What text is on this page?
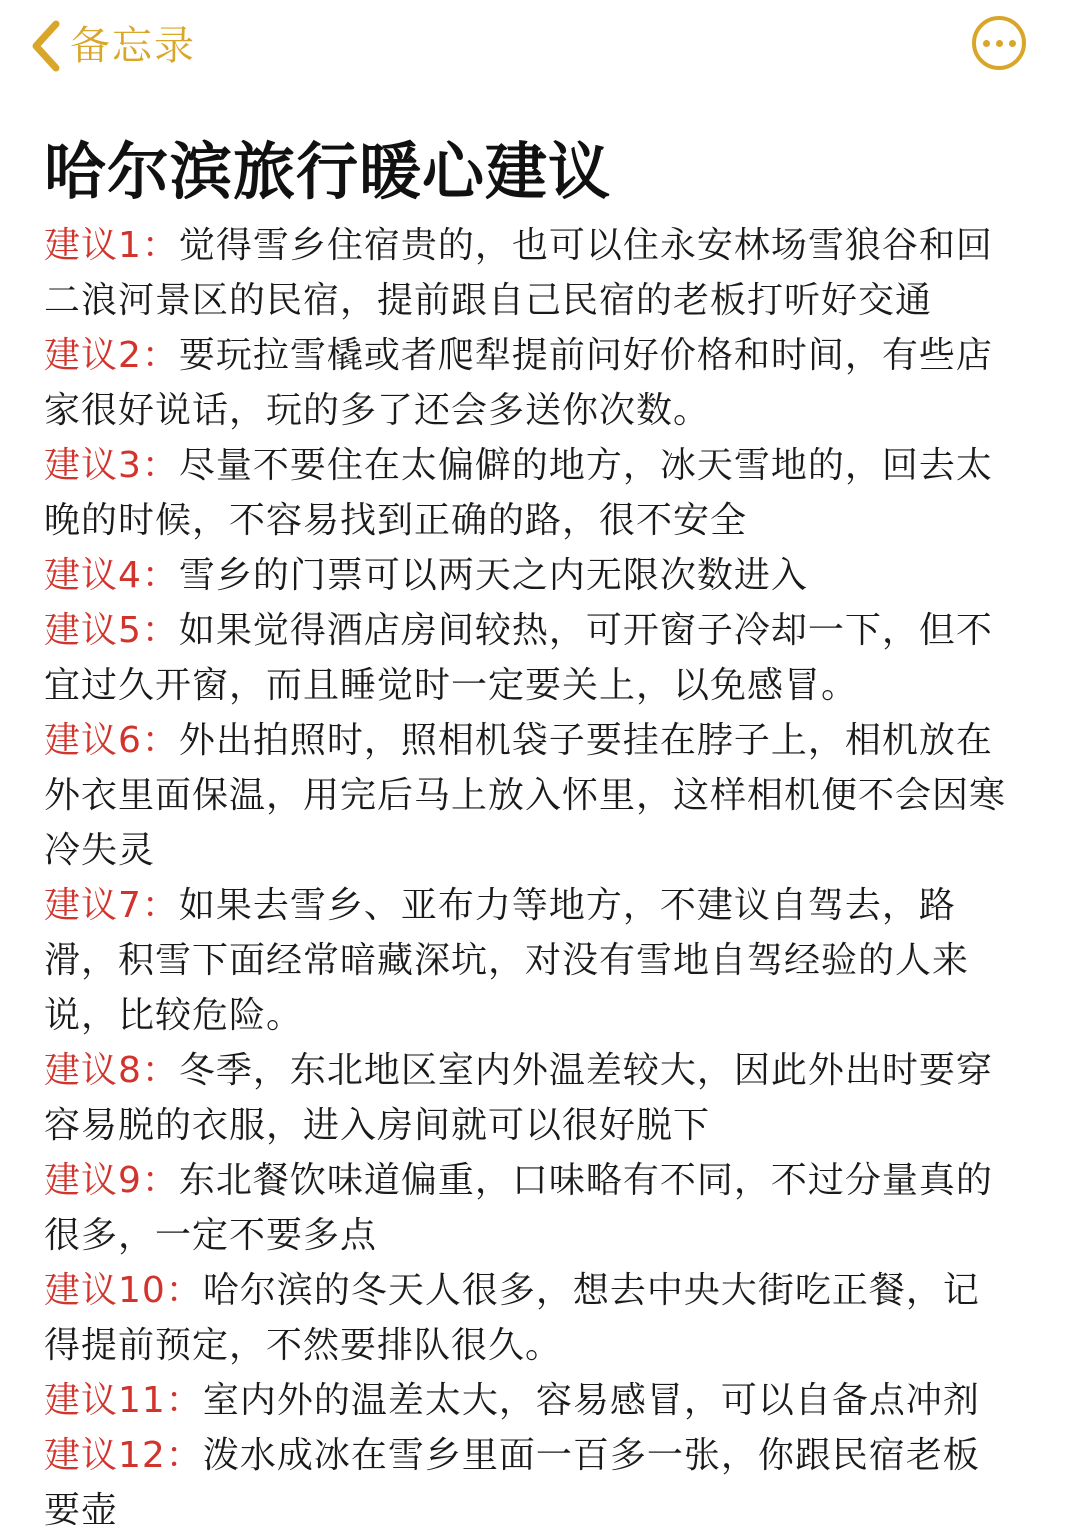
备忘录
哈尔滨旅行暖心建议

建议1：觉得雪乡住宿贵的，也可以住永安林场雪狼谷和回二浪河景区的民宿，提前跟自己民宿的老板打听好交通

建议2：要玩拉雪橇或者爬犁提前问好价格和时间，有些店家很好说话，玩的多了还会多送你次数。

建议3：尽量不要住在太偏僻的地方，冰天雪地的，回去太晚的时候，不容易找到正确的路，很不安全

建议4：雪乡的门票可以两天之内无限次数进入

建议5：如果觉得酒店房间较热，可开窗子冷却一下，但不宜过久开窗，而且睡觉时一定要关上，以免感冒。

建议6：外出拍照时，照相机袋子要挂在脖子上，相机放在外衣里面保温，用完后马上放入怀里，这样相机便不会因寒冷失灵

建议7：如果去雪乡、亚布力等地方，不建议自驾去，路滑，积雪下面经常暗藏深坑，对没有雪地自驾经验的人来说，比较危险。

建议8：冬季，东北地区室内外温差较大，因此外出时要穿容易脱的衣服，进入房间就可以很好脱下

建议9：东北餐饮味道偏重，口味略有不同，不过分量真的很多，一定不要多点

建议10：哈尔滨的冬天人很多，想去中央大街吃正餐，记得提前预定，不然要排队很久。

建议11：室内外的温差太大，容易感冒，可以自备点冲剂

建议12：泼水成冰在雪乡里面一百多一张，你跟民宿老板要壶
